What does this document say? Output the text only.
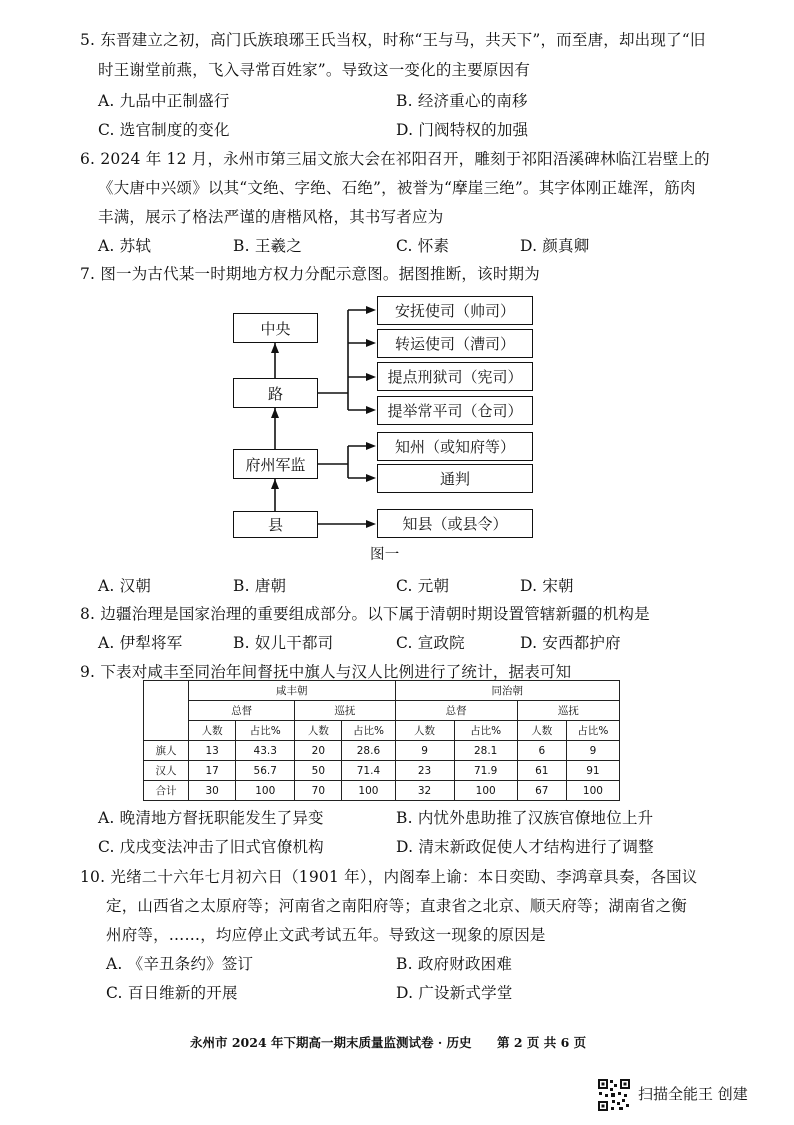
5. 东晋建立之初，高门氏族琅琊王氏当权，时称“王与马，共天下”，而至唐，却出现了“旧
时王谢堂前燕，飞入寻常百姓家”。导致这一变化的主要原因有
A. 九品中正制盛行	B. 经济重心的南移
C. 选官制度的变化	D. 门阀特权的加强
6. 2024 年 12 月，永州市第三届文旅大会在祁阳召开，雕刻于祁阳浯溪碑林临江岩壁上的
《大唐中兴颂》以其“文绝、字绝、石绝”，被誉为“摩崖三绝”。其字体刚正雄浑，筋肉
丰满，展示了格法严谨的唐楷风格，其书写者应为
A. 苏轼	B. 王羲之	C. 怀素	D. 颜真卿
7. 图一为古代某一时期地方权力分配示意图。据图推断，该时期为
中央
路
府州军监
县
安抚使司（帅司）
转运使司（漕司）
提点刑狱司（宪司）
提举常平司（仓司）
知州（或知府等）
通判
知县（或县令）
图一
A. 汉朝	B. 唐朝	C. 元朝	D. 宋朝
8. 边疆治理是国家治理的重要组成部分。以下属于清朝时期设置管辖新疆的机构是
A. 伊犁将军	B. 奴儿干都司	C. 宣政院	D. 安西都护府
9. 下表对咸丰至同治年间督抚中旗人与汉人比例进行了统计，据表可知
	咸丰朝				同治朝			
	总督		巡抚		总督		巡抚	
	人数	占比%	人数	占比%	人数	占比%	人数	占比%
旗人	13	43.3	20	28.6	9	28.1	6	9
汉人	17	56.7	50	71.4	23	71.9	61	91
合计	30	100	70	100	32	100	67	100
A. 晚清地方督抚职能发生了异变	B. 内忧外患助推了汉族官僚地位上升
C. 戊戌变法冲击了旧式官僚机构	D. 清末新政促使人才结构进行了调整
10. 光绪二十六年七月初六日（1901 年），内阁奉上谕：本日奕劻、李鸿章具奏，各国议
定，山西省之太原府等；河南省之南阳府等；直隶省之北京、顺天府等；湖南省之衡
州府等，……，均应停止文武考试五年。导致这一现象的原因是
A. 《辛丑条约》签订	B. 政府财政困难
C. 百日维新的开展	D. 广设新式学堂
永州市 2024 年下期高一期末质量监测试卷 · 历史 第 2 页 共 6 页
扫描全能王 创建
